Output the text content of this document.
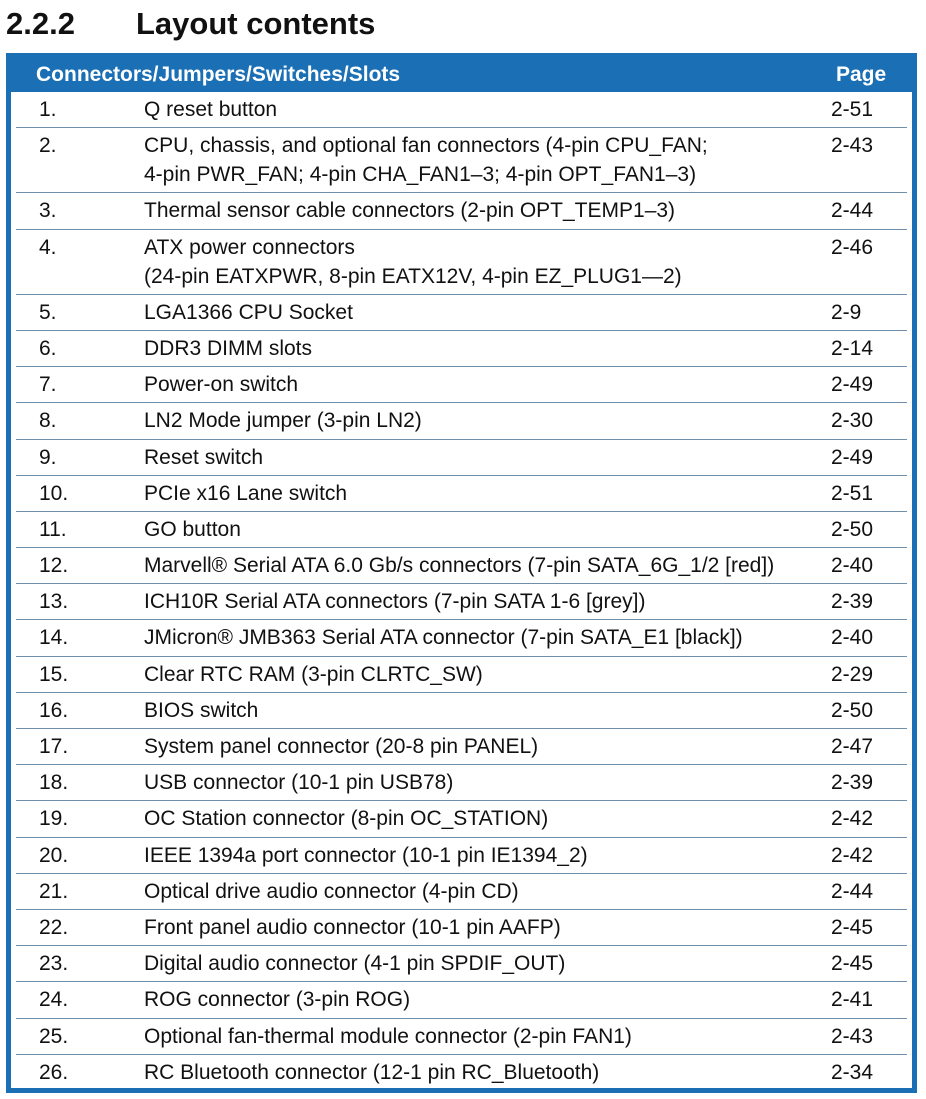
2.2.2	Layout contents
Connectors/Jumpers/Switches/Slots	Page
1.	Q reset button	2-51
2.	CPU, chassis, and optional fan connectors (4-pin CPU_FAN;
4-pin PWR_FAN; 4-pin CHA_FAN1–3; 4-pin OPT_FAN1–3)
2-43
3.	Thermal sensor cable connectors (2-pin OPT_TEMP1–3)	2-44
4.	ATX power connectors
(24-pin EATXPWR, 8-pin EATX12V, 4-pin EZ_PLUG1—2)
2-46
5.	LGA1366 CPU Socket	2-9
6.	DDR3 DIMM slots	2-14
7.	Power-on switch	2-49
8.	LN2 Mode jumper (3-pin LN2)	2-30
9.	Reset switch	2-49
10.	PCIe x16 Lane switch	2-51
11.	GO button	2-50
12.	Marvell® Serial ATA 6.0 Gb/s connectors (7-pin SATA_6G_1/2 [red])	2-40
13.	ICH10R Serial ATA connectors (7-pin SATA 1-6 [grey])	2-39
14.	JMicron® JMB363 Serial ATA connector (7-pin SATA_E1 [black])	2-40
15.	Clear RTC RAM (3-pin CLRTC_SW)	2-29
16.	BIOS switch	2-50
17.	System panel connector (20-8 pin PANEL)	2-47
18.	USB connector (10-1 pin USB78)	2-39
19.	OC Station connector (8-pin OC_STATION)	2-42
20.	IEEE 1394a port connector (10-1 pin IE1394_2)	2-42
21.	Optical drive audio connector (4-pin CD)	2-44
22.	Front panel audio connector (10-1 pin AAFP)	2-45
23.	Digital audio connector (4-1 pin SPDIF_OUT)	2-45
24.	ROG connector (3-pin ROG)	2-41
25.	Optional fan-thermal module connector (2-pin FAN1)	2-43
26.	RC Bluetooth connector (12-1 pin RC_Bluetooth)	2-34
